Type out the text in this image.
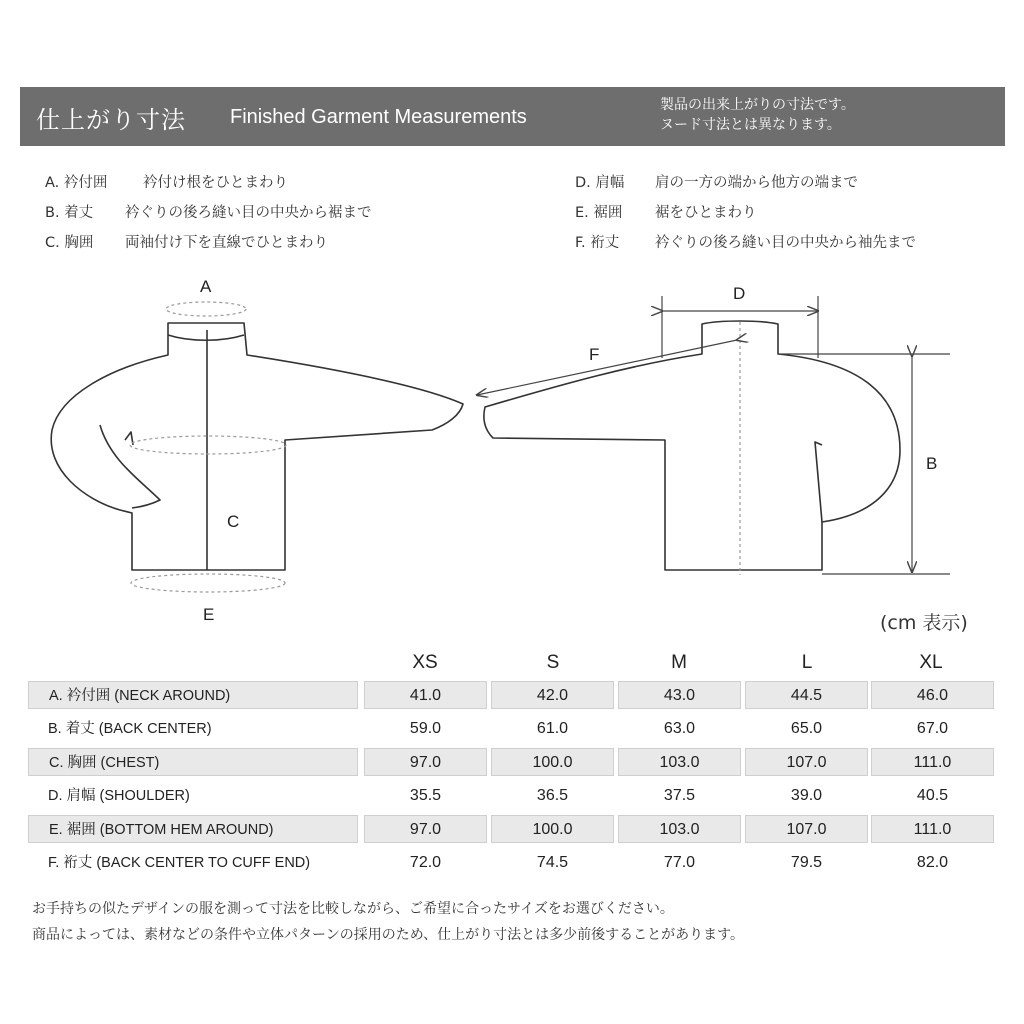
仕上がり寸法 Finished Garment Measurements
製品の出来上がりの寸法です。
ヌード寸法とは異なります。
A. 衿付囲 衿付け根をひとまわり
B. 着丈 衿ぐりの後ろ縫い目の中央から裾まで
C. 胸囲 両袖付け下を直線でひとまわり
D. 肩幅 肩の一方の端から他方の端まで
E. 裾囲 裾をひとまわり
F. 裄丈 衿ぐりの後ろ縫い目の中央から袖先まで
A
C
E
D
F
B
(cm 表示)
XS	S	M	L	XL
A. 衿付囲 (NECK AROUND)	41.0	42.0	43.0	44.5	46.0
B. 着丈 (BACK CENTER)	59.0	61.0	63.0	65.0	67.0
C. 胸囲 (CHEST)	97.0	100.0	103.0	107.0	111.0
D. 肩幅 (SHOULDER)	35.5	36.5	37.5	39.0	40.5
E. 裾囲 (BOTTOM HEM AROUND)	97.0	100.0	103.0	107.0	111.0
F. 裄丈 (BACK CENTER TO CUFF END)	72.0	74.5	77.0	79.5	82.0
お手持ちの似たデザインの服を測って寸法を比較しながら、ご希望に合ったサイズをお選びください。
商品によっては、素材などの条件や立体パターンの採用のため、仕上がり寸法とは多少前後することがあります。
